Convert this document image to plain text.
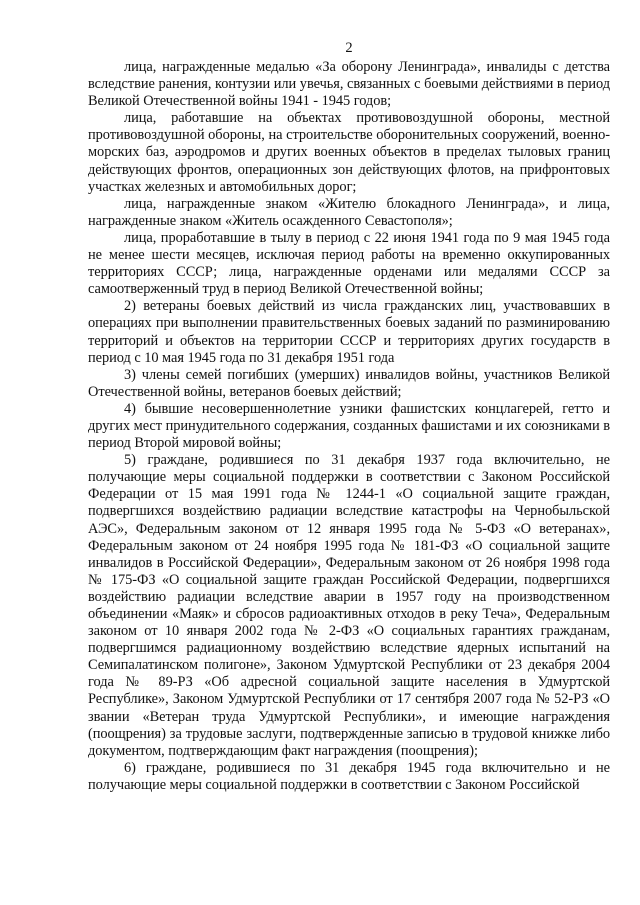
2

лица, награжденные медалью «За оборону Ленинграда», инвалиды с детства вследствие ранения, контузии или увечья, связанных с боевыми действиями в период Великой Отечественной войны 1941 - 1945 годов;

лица, работавшие на объектах противовоздушной обороны, местной противовоздушной обороны, на строительстве оборонительных сооружений, военно-морских баз, аэродромов и других военных объектов в пределах тыловых границ действующих фронтов, операционных зон действующих флотов, на прифронтовых участках железных и автомобильных дорог;

лица, награжденные знаком «Жителю блокадного Ленинграда», и лица, награжденные знаком «Житель осажденного Севастополя»;

лица, проработавшие в тылу в период с 22 июня 1941 года по 9 мая 1945 года не менее шести месяцев, исключая период работы на временно оккупированных территориях СССР; лица, награжденные орденами или медалями СССР за самоотверженный труд в период Великой Отечественной войны;

2) ветераны боевых действий из числа гражданских лиц, участвовавших в операциях при выполнении правительственных боевых заданий по разминированию территорий и объектов на территории СССР и территориях других государств в период с 10 мая 1945 года по 31 декабря 1951 года

3) члены семей погибших (умерших) инвалидов войны, участников Великой Отечественной войны, ветеранов боевых действий;

4) бывшие несовершеннолетние узники фашистских концлагерей, гетто и других мест принудительного содержания, созданных фашистами и их союзниками в период Второй мировой войны;

5) граждане, родившиеся по 31 декабря 1937 года включительно, не получающие меры социальной поддержки в соответствии с Законом Российской Федерации от 15 мая 1991 года № 1244-1 «О социальной защите граждан, подвергшихся воздействию радиации вследствие катастрофы на Чернобыльской АЭС», Федеральным законом от 12 января 1995 года № 5-ФЗ «О ветеранах», Федеральным законом от 24 ноября 1995 года № 181-ФЗ «О социальной защите инвалидов в Российской Федерации», Федеральным законом от 26 ноября 1998 года № 175-ФЗ «О социальной защите граждан Российской Федерации, подвергшихся воздействию радиации вследствие аварии в 1957 году на производственном объединении «Маяк» и сбросов радиоактивных отходов в реку Теча», Федеральным законом от 10 января 2002 года № 2-ФЗ «О социальных гарантиях гражданам, подвергшимся радиационному воздействию вследствие ядерных испытаний на Семипалатинском полигоне», Законом Удмуртской Республики от 23 декабря 2004 года № 89-РЗ «Об адресной социальной защите населения в Удмуртской Республике», Законом Удмуртской Республики от 17 сентября 2007 года № 52-РЗ «О звании «Ветеран труда Удмуртской Республики», и имеющие награждения (поощрения) за трудовые заслуги, подтвержденные записью в трудовой книжке либо документом, подтверждающим факт награждения (поощрения);

6) граждане, родившиеся по 31 декабря 1945 года включительно и не получающие меры социальной поддержки в соответствии с Законом Российской
